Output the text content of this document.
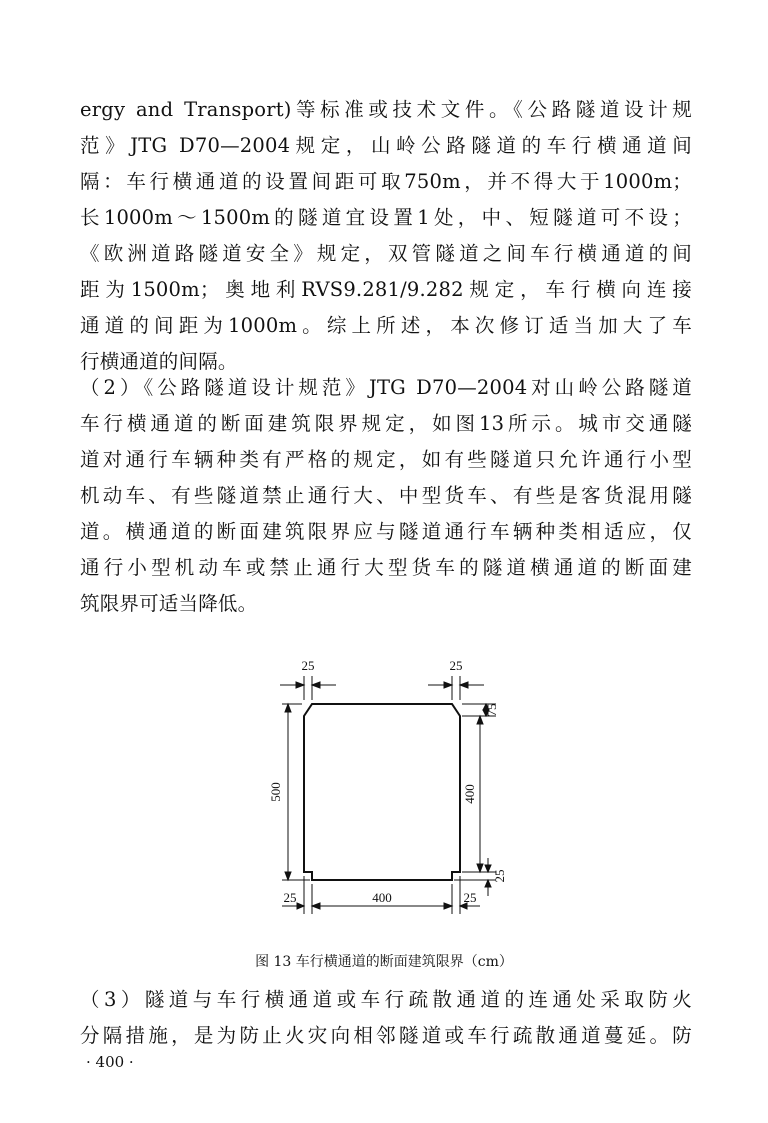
ergy and Transport)等标准或技术文件。《公路隧道设计规
范》JTG D70—2004规定，山岭公路隧道的车行横通道间
隔：车行横通道的设置间距可取750m，并不得大于1000m；
长1000m～1500m的隧道宜设置1处，中、短隧道可不设；
《欧洲道路隧道安全》规定，双管隧道之间车行横通道的间
距为1500m；奥地利RVS9.281/9.282规定，车行横向连接
通道的间距为1000m。综上所述，本次修订适当加大了车
行横通道的间隔。
（2）《公路隧道设计规范》JTG D70—2004对山岭公路隧道
车行横通道的断面建筑限界规定，如图13所示。城市交通隧
道对通行车辆种类有严格的规定，如有些隧道只允许通行小型
机动车、有些隧道禁止通行大、中型货车、有些是客货混用隧
道。横通道的断面建筑限界应与隧道通行车辆种类相适应，仅
通行小型机动车或禁止通行大型货车的隧道横通道的断面建
筑限界可适当降低。
25	25
75
500	400
25
25	400	25
图 13 车行横通道的断面建筑限界（cm）
（3）隧道与车行横通道或车行疏散通道的连通处采取防火
分隔措施，是为防止火灾向相邻隧道或车行疏散通道蔓延。防
· 400 ·
